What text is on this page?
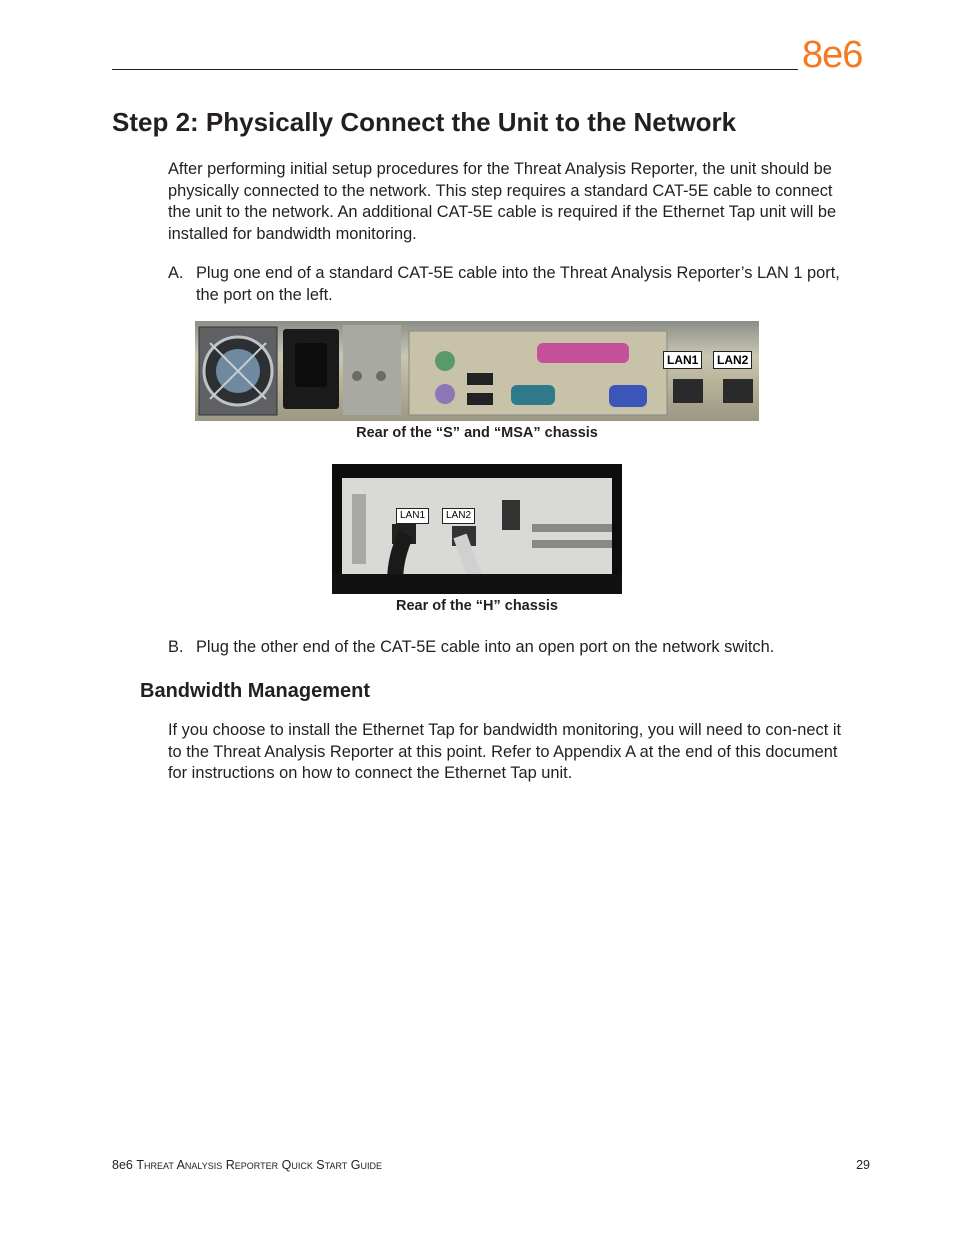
8e6
Step 2: Physically Connect the Unit to the Network

After performing initial setup procedures for the Threat Analysis Reporter, the unit should be physically connected to the network. This step requires a standard CAT-5E cable to connect the unit to the network. An additional CAT-5E cable is required if the Ethernet Tap unit will be installed for bandwidth monitoring.

A. Plug one end of a standard CAT-5E cable into the Threat Analysis Reporter’s LAN 1 port, the port on the left.
LAN1	LAN2
Rear of the “S” and “MSA” chassis
LAN1	LAN2
Rear of the “H” chassis
B. Plug the other end of the CAT-5E cable into an open port on the network switch.
Bandwidth Management

If you choose to install the Ethernet Tap for bandwidth monitoring, you will need to con-nect it to the Threat Analysis Reporter at this point. Refer to Appendix A at the end of this document for instructions on how to connect the Ethernet Tap unit.

8e6 Threat Analysis Reporter Quick Start Guide	29
